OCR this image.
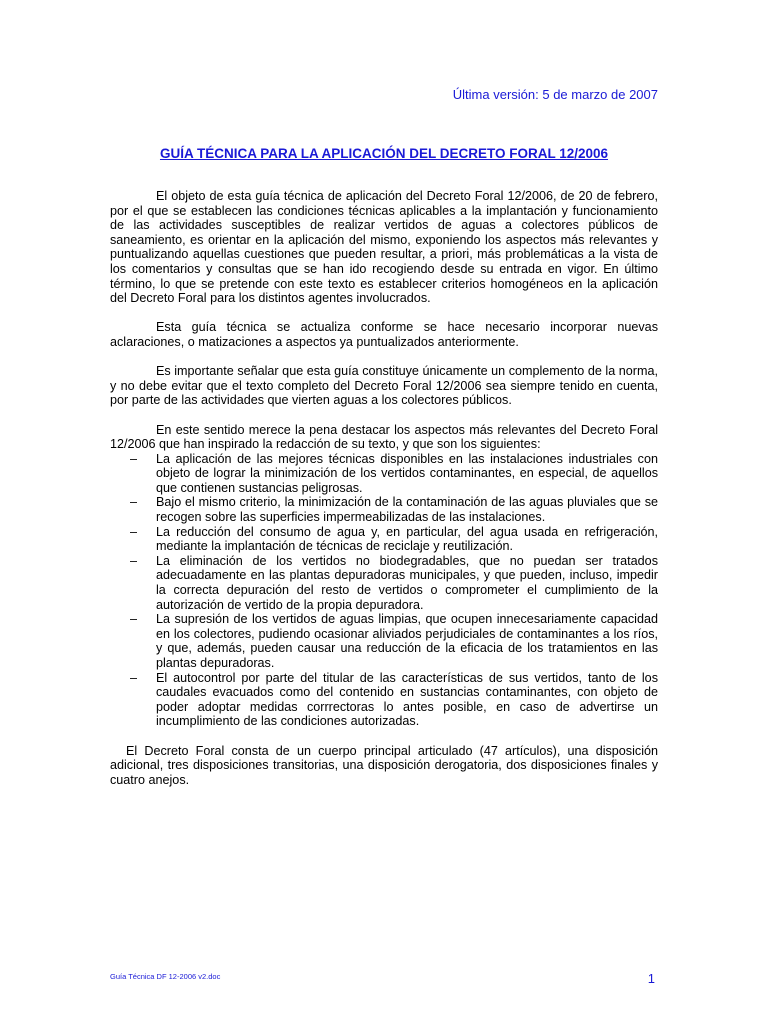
Última versión: 5 de marzo de 2007

GUÍA TÉCNICA PARA LA APLICACIÓN DEL DECRETO FORAL 12/2006

El objeto de esta guía técnica de aplicación del Decreto Foral 12/2006, de 20 de febrero, por el que se establecen las condiciones técnicas aplicables a la implantación y funcionamiento de las actividades susceptibles de realizar vertidos de aguas a colectores públicos de saneamiento, es orientar en la aplicación del mismo, exponiendo los aspectos más relevantes y puntualizando aquellas cuestiones que pueden resultar, a priori, más problemáticas a la vista de los comentarios y consultas que se han ido recogiendo desde su entrada en vigor. En último término, lo que se pretende con este texto es establecer criterios homogéneos en la aplicación del Decreto Foral para los distintos agentes involucrados.

Esta guía técnica se actualiza conforme se hace necesario incorporar nuevas aclaraciones, o matizaciones a aspectos ya puntualizados anteriormente.

Es importante señalar que esta guía constituye únicamente un complemento de la norma, y no debe evitar que el texto completo del Decreto Foral 12/2006 sea siempre tenido en cuenta, por parte de las actividades que vierten aguas a los colectores públicos.

En este sentido merece la pena destacar los aspectos más relevantes del Decreto Foral 12/2006 que han inspirado la redacción de su texto, y que son los siguientes:

– La aplicación de las mejores técnicas disponibles en las instalaciones industriales con objeto de lograr la minimización de los vertidos contaminantes, en especial, de aquellos que contienen sustancias peligrosas.
– Bajo el mismo criterio, la minimización de la contaminación de las aguas pluviales que se recogen sobre las superficies impermeabilizadas de las instalaciones.
– La reducción del consumo de agua y, en particular, del agua usada en refrigeración, mediante la implantación de técnicas de reciclaje y reutilización.
– La eliminación de los vertidos no biodegradables, que no puedan ser tratados adecuadamente en las plantas depuradoras municipales, y que pueden, incluso, impedir la correcta depuración del resto de vertidos o comprometer el cumplimiento de la autorización de vertido de la propia depuradora.
– La supresión de los vertidos de aguas limpias, que ocupen innecesariamente capacidad en los colectores, pudiendo ocasionar aliviados perjudiciales de contaminantes a los ríos, y que, además, pueden causar una reducción de la eficacia de los tratamientos en las plantas depuradoras.
– El autocontrol por parte del titular de las características de sus vertidos, tanto de los caudales evacuados como del contenido en sustancias contaminantes, con objeto de poder adoptar medidas corrrectoras lo antes posible, en caso de advertirse un incumplimiento de las condiciones autorizadas.

El Decreto Foral consta de un cuerpo principal articulado (47 artículos), una disposición adicional, tres disposiciones transitorias, una disposición derogatoria, dos disposiciones finales y cuatro anejos.

Guía Técnica DF 12-2006 v2.doc	1
